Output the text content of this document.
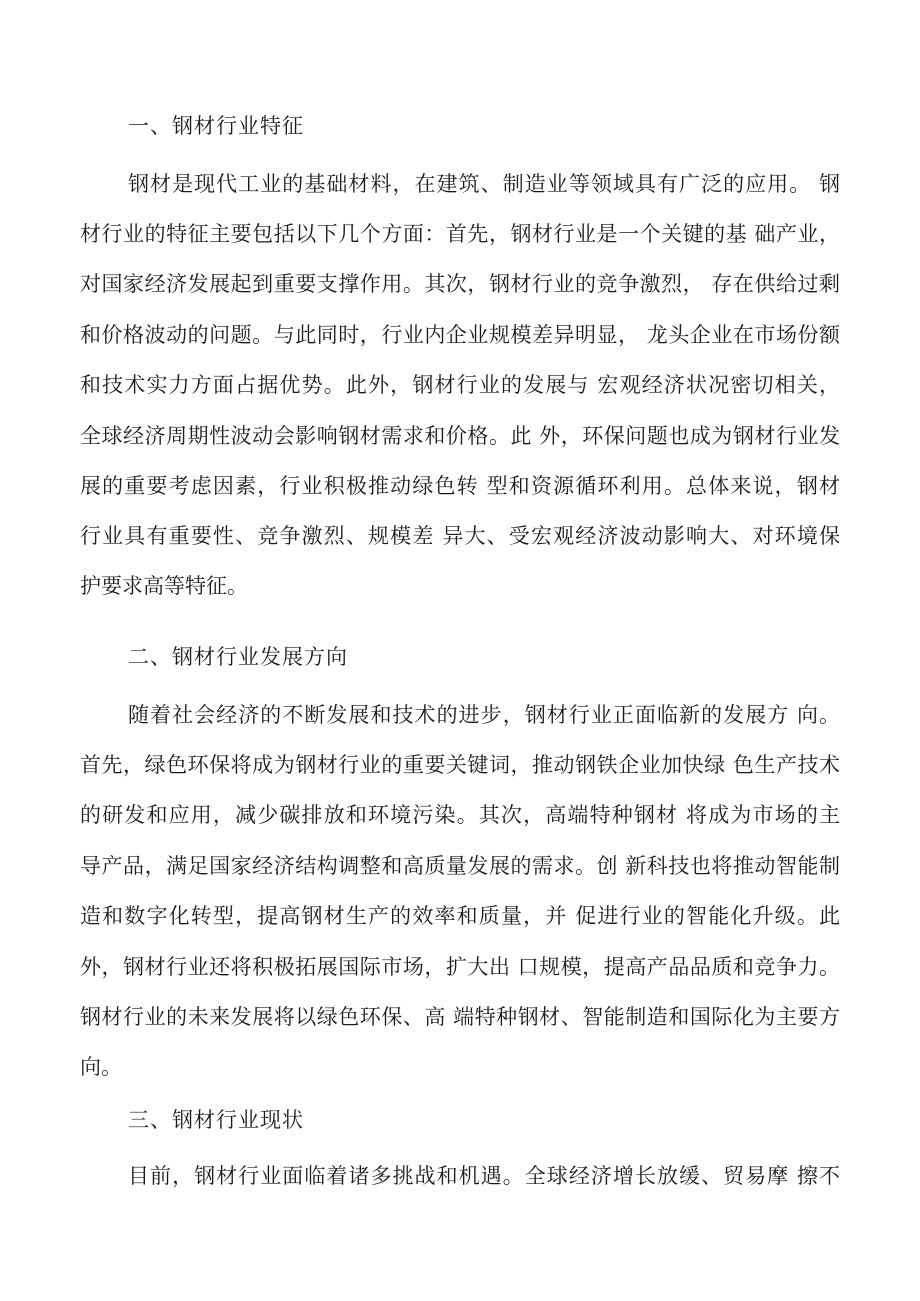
一、钢材行业特征

钢材是现代工业的基础材料，在建筑、制造业等领域具有广泛的应用。 钢

材行业的特征主要包括以下几个方面：首先，钢材行业是一个关键的基 础产业，

对国家经济发展起到重要支撑作用。其次，钢材行业的竞争激烈， 存在供给过剩

和价格波动的问题。与此同时，行业内企业规模差异明显， 龙头企业在市场份额

和技术实力方面占据优势。此外，钢材行业的发展与 宏观经济状况密切相关，

全球经济周期性波动会影响钢材需求和价格。此 外，环保问题也成为钢材行业发

展的重要考虑因素，行业积极推动绿色转 型和资源循环利用。总体来说，钢材

行业具有重要性、竞争激烈、规模差 异大、受宏观经济波动影响大、对环境保

护要求高等特征。

二、钢材行业发展方向

随着社会经济的不断发展和技术的进步，钢材行业正面临新的发展方 向。

首先，绿色环保将成为钢材行业的重要关键词，推动钢铁企业加快绿 色生产技术

的研发和应用，减少碳排放和环境污染。其次，高端特种钢材 将成为市场的主

导产品，满足国家经济结构调整和高质量发展的需求。创 新科技也将推动智能制

造和数字化转型，提高钢材生产的效率和质量，并 促进行业的智能化升级。此

外，钢材行业还将积极拓展国际市场，扩大出 口规模，提高产品品质和竞争力。

钢材行业的未来发展将以绿色环保、高 端特种钢材、智能制造和国际化为主要方

向。

三、钢材行业现状

目前，钢材行业面临着诸多挑战和机遇。全球经济增长放缓、贸易摩 擦不
